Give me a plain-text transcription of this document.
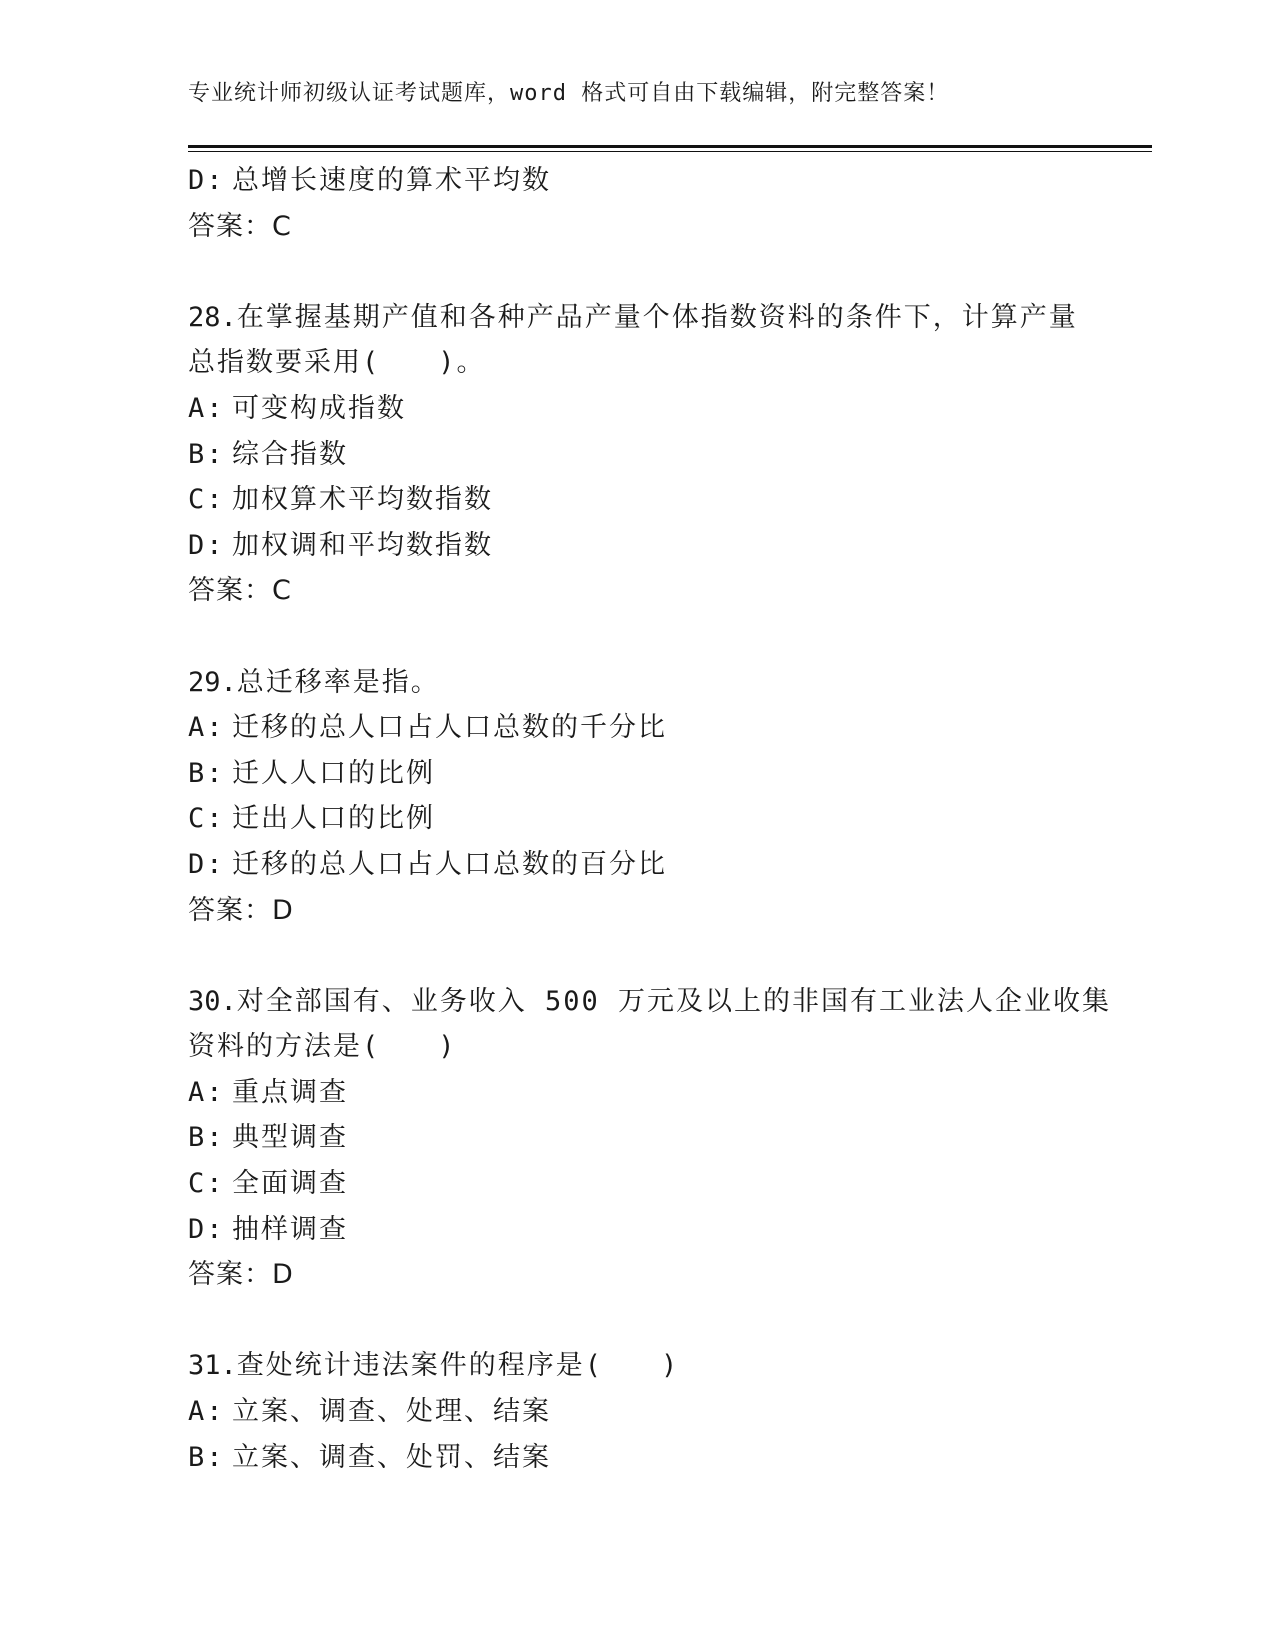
专业统计师初级认证考试题库，word 格式可自由下载编辑，附完整答案！
D: 总增长速度的算术平均数
答案：C
28.在掌握基期产值和各种产品产量个体指数资料的条件下，计算产量
总指数要采用(　　)。
A: 可变构成指数
B: 综合指数
C: 加权算术平均数指数
D: 加权调和平均数指数
答案：C
29.总迁移率是指。
A: 迁移的总人口占人口总数的千分比
B: 迁人人口的比例
C: 迁出人口的比例
D: 迁移的总人口占人口总数的百分比
答案：D
30.对全部国有、业务收入 500 万元及以上的非国有工业法人企业收集
资料的方法是(　　)
A: 重点调查
B: 典型调查
C: 全面调查
D: 抽样调查
答案：D
31.查处统计违法案件的程序是(　　)
A: 立案、调查、处理、结案
B: 立案、调查、处罚、结案
